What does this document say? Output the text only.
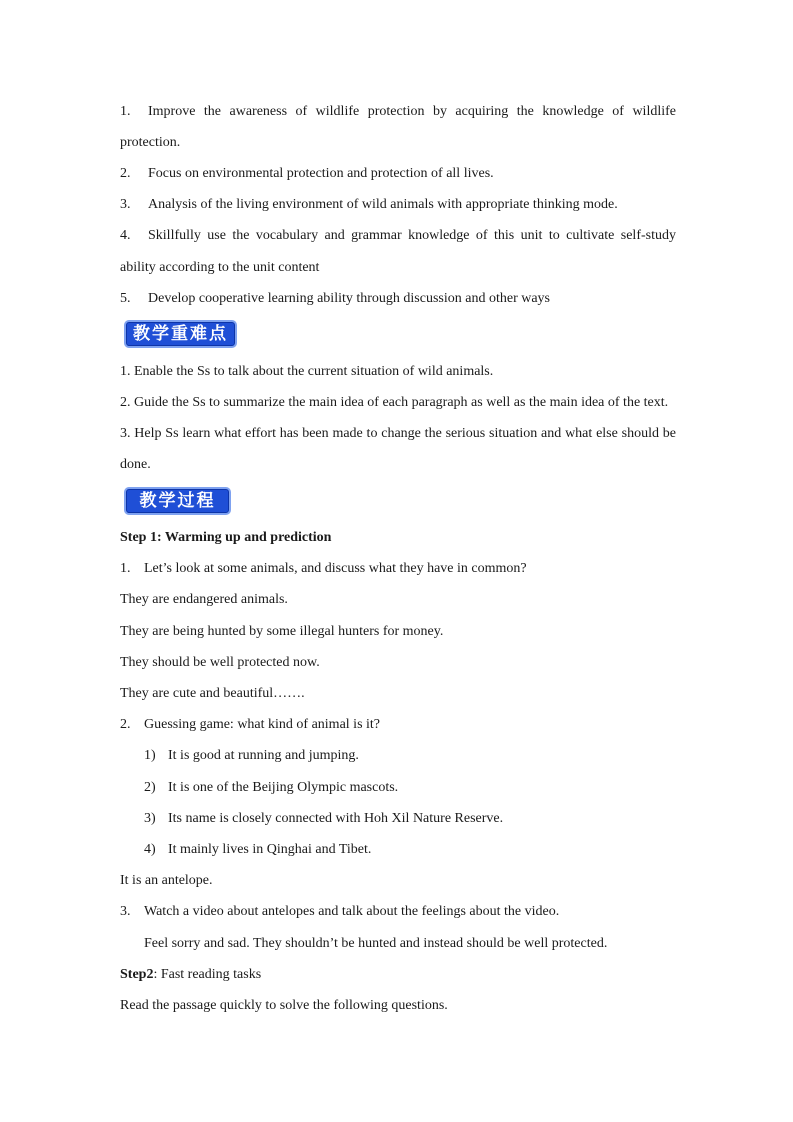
1. Improve the awareness of wildlife protection by acquiring the knowledge of wildlife
protection.
2. Focus on environmental protection and protection of all lives.
3. Analysis of the living environment of wild animals with appropriate thinking mode.
4. Skillfully use the vocabulary and grammar knowledge of this unit to cultivate self-study
ability according to the unit content
5. Develop cooperative learning ability through discussion and other ways
教学重难点
1. Enable the Ss to talk about the current situation of wild animals.
2. Guide the Ss to summarize the main idea of each paragraph as well as the main idea of the text.
3. Help Ss learn what effort has been made to change the serious situation and what else should be
done.
教学过程
Step 1: Warming up and prediction
1. Let’s look at some animals, and discuss what they have in common?
They are endangered animals.
They are being hunted by some illegal hunters for money.
They should be well protected now.
They are cute and beautiful…….
2. Guessing game: what kind of animal is it?
1) It is good at running and jumping.
2) It is one of the Beijing Olympic mascots.
3) Its name is closely connected with Hoh Xil Nature Reserve.
4) It mainly lives in Qinghai and Tibet.
It is an antelope.
3. Watch a video about antelopes and talk about the feelings about the video.
Feel sorry and sad. They shouldn’t be hunted and instead should be well protected.
Step2: Fast reading tasks
Read the passage quickly to solve the following questions.
